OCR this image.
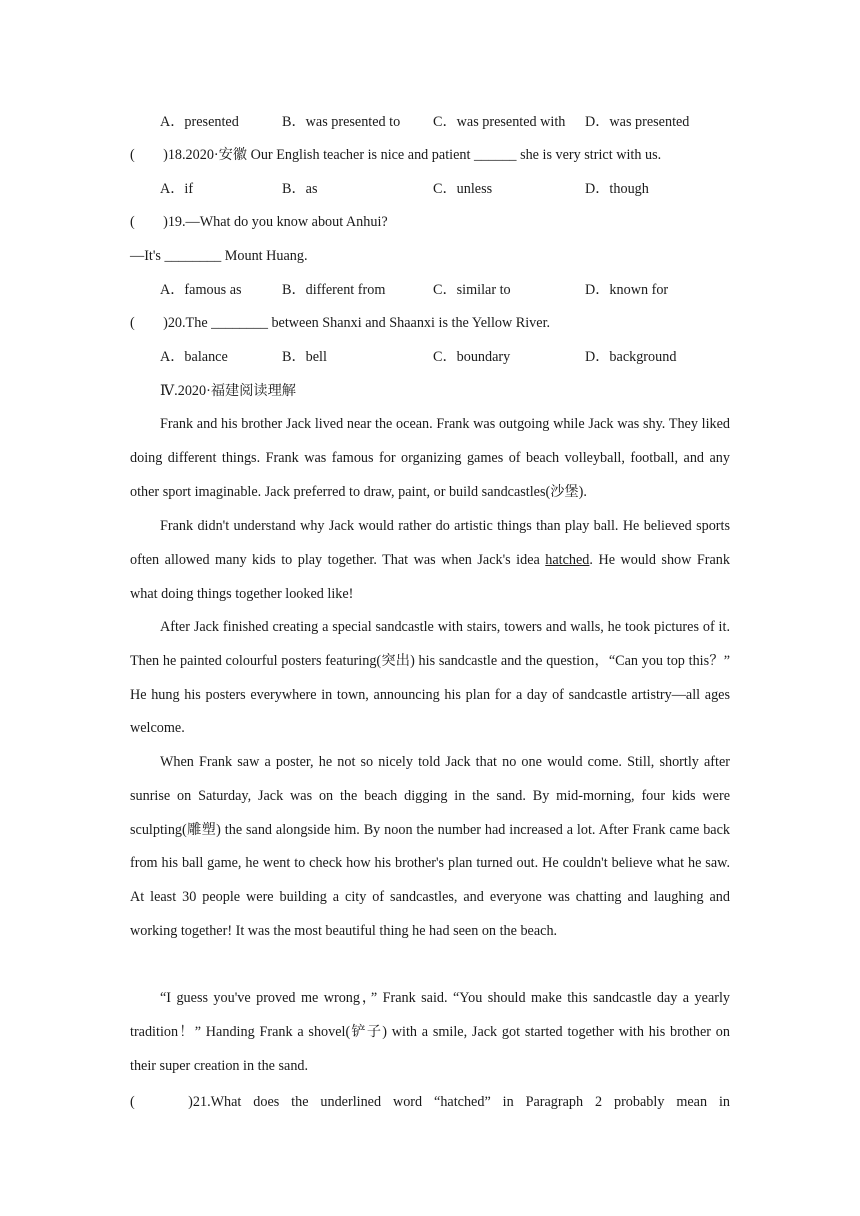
A．presented	B．was presented to C．was presented with D．was presented
(　　)18.2020·安徽 Our English teacher is nice and patient ______ she is very strict with us.
A．if	B．as	C．unless	D．though
(　　)19.—What do you know about Anhui?
—It's ________ Mount Huang.
A．famous as	B．different from	C．similar to	D．known for
(　　)20.The ________ between Shanxi and Shaanxi is the Yellow River.
A．balance	B．bell	C．boundary	D．background
Ⅳ.2020·福建阅读理解

Frank and his brother Jack lived near the ocean. Frank was outgoing while Jack was shy. They liked doing different things. Frank was famous for organizing games of beach volleyball, football, and any other sport imaginable. Jack preferred to draw, paint, or build sandcastles(沙堡).

Frank didn't understand why Jack would rather do artistic things than play ball. He believed sports often allowed many kids to play together. That was when Jack's idea hatched. He would show Frank what doing things together looked like!

After Jack finished creating a special sandcastle with stairs, towers and walls, he took pictures of it. Then he painted colourful posters featuring(突出) his sandcastle and the question，“Can you top this？” He hung his posters everywhere in town, announcing his plan for a day of sandcastle artistry—all ages welcome.

When Frank saw a poster, he not so nicely told Jack that no one would come. Still, shortly after sunrise on Saturday, Jack was on the beach digging in the sand. By mid-morning, four kids were sculpting(雕塑) the sand alongside him. By noon the number had increased a lot. After Frank came back from his ball game, he went to check how his brother's plan turned out. He couldn't believe what he saw. At least 30 people were building a city of sandcastles, and everyone was chatting and laughing and working together! It was the most beautiful thing he had seen on the beach.

“I guess you've proved me wrong，” Frank said. “You should make this sandcastle day a yearly tradition！” Handing Frank a shovel(铲子) with a smile, Jack got started together with his brother on their super creation in the sand.

(　　)21.What does the underlined word “hatched” in Paragraph 2 probably mean in
